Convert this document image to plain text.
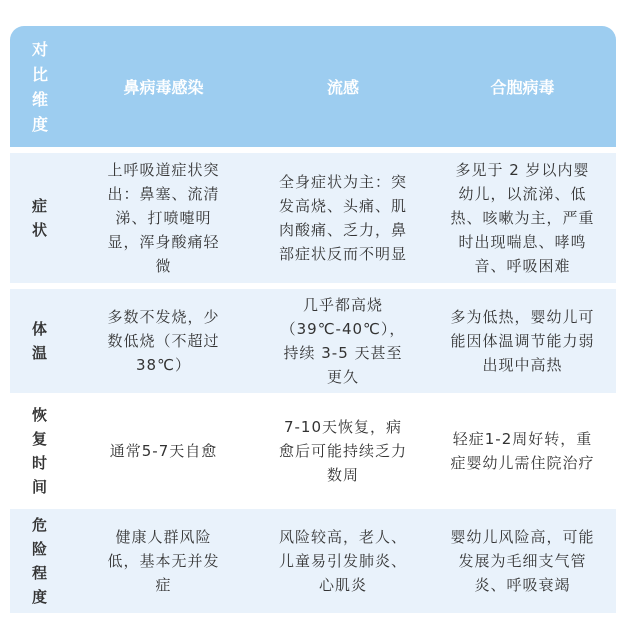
对
比
维
度	鼻病毒感染	流感	合胞病毒

症
状	上呼吸道症状突
出：鼻塞、流清
涕、打喷嚏明
显，浑身酸痛轻
微	全身症状为主：突
发高烧、头痛、肌
肉酸痛、乏力，鼻
部症状反而不明显	多见于 2 岁以内婴
幼儿，以流涕、低
热、咳嗽为主，严重
时出现喘息、哮鸣
音、呼吸困难

体
温	多数不发烧，少
数低烧（不超过
38℃）	几乎都高烧
（39℃-40℃），
持续 3-5 天甚至
更久	多为低热，婴幼儿可
能因体温调节能力弱
出现中高热

恢
复
时
间	通常5-7天自愈	7-10天恢复，病
愈后可能持续乏力
数周	轻症1-2周好转，重
症婴幼儿需住院治疗

危
险
程
度	健康人群风险
低，基本无并发
症	风险较高，老人、
儿童易引发肺炎、
心肌炎	婴幼儿风险高，可能
发展为毛细支气管
炎、呼吸衰竭
